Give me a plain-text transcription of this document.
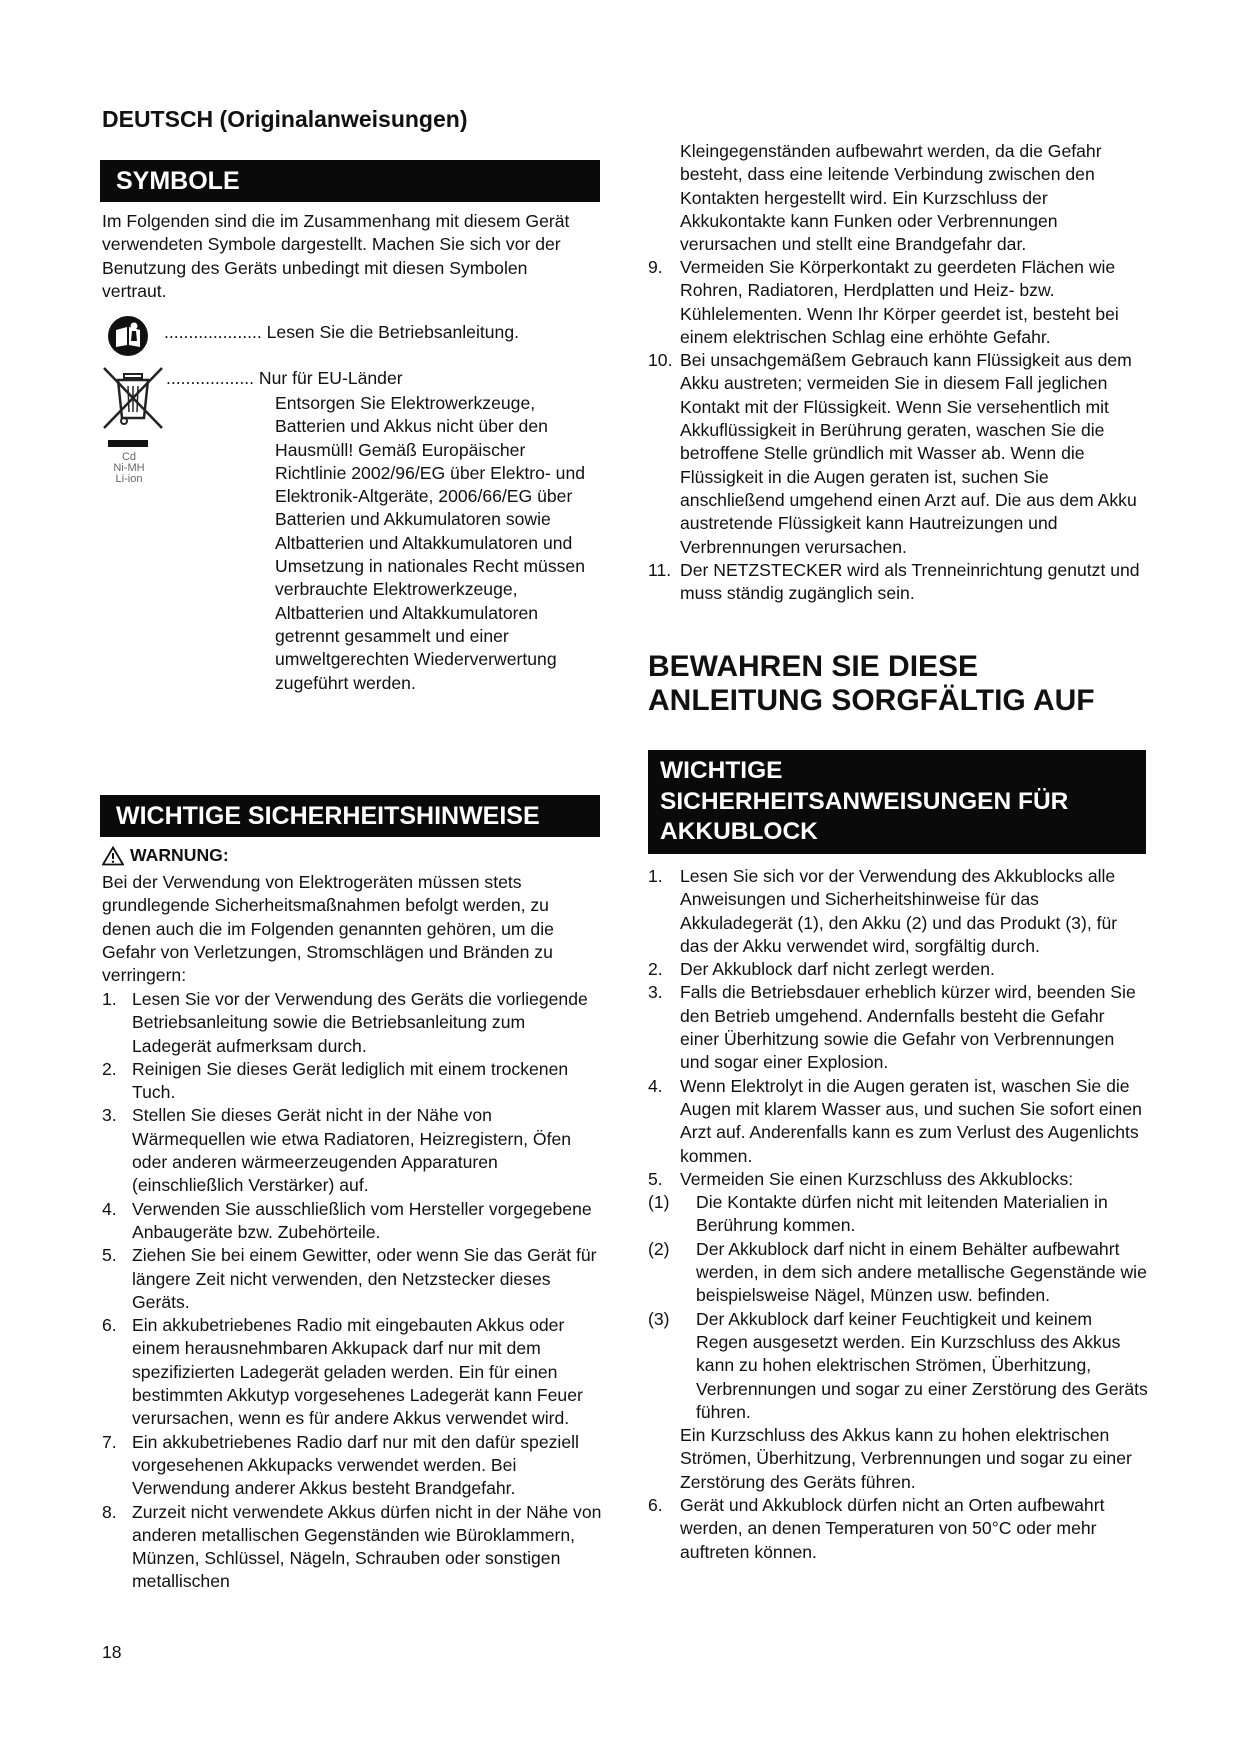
DEUTSCH (Originalanweisungen)
SYMBOLE
Im Folgenden sind die im Zusammenhang mit diesem Gerät verwendeten Symbole dargestellt. Machen Sie sich vor der Benutzung des Geräts unbedingt mit diesen Symbolen vertraut.
.................... Lesen Sie die Betriebsanleitung.
.................. Nur für EU-Länder
Entsorgen Sie Elektrowerkzeuge, Batterien und Akkus nicht über den Hausmüll! Gemäß Europäischer Richtlinie 2002/96/EG über Elektro- und Elektronik-Altgeräte, 2006/66/EG über Batterien und Akkumulatoren sowie Altbatterien und Altakkumulatoren und Umsetzung in nationales Recht müssen verbrauchte Elektrowerkzeuge, Altbatterien und Altakkumulatoren getrennt gesammelt und einer umweltgerechten Wiederverwertung zugeführt werden.
Cd
Ni-MH
Li-ion
WICHTIGE SICHERHEITSHINWEISE
WARNUNG:
Bei der Verwendung von Elektrogeräten müssen stets grundlegende Sicherheitsmaßnahmen befolgt werden, zu denen auch die im Folgenden genannten gehören, um die Gefahr von Verletzungen, Stromschlägen und Bränden zu verringern:
1. Lesen Sie vor der Verwendung des Geräts die vorliegende Betriebsanleitung sowie die Betriebsanleitung zum Ladegerät aufmerksam durch.
2. Reinigen Sie dieses Gerät lediglich mit einem trockenen Tuch.
3. Stellen Sie dieses Gerät nicht in der Nähe von Wärmequellen wie etwa Radiatoren, Heizregistern, Öfen oder anderen wärmeerzeugenden Apparaturen (einschließlich Verstärker) auf.
4. Verwenden Sie ausschließlich vom Hersteller vorgegebene Anbaugeräte bzw. Zubehörteile.
5. Ziehen Sie bei einem Gewitter, oder wenn Sie das Gerät für längere Zeit nicht verwenden, den Netzstecker dieses Geräts.
6. Ein akkubetriebenes Radio mit eingebauten Akkus oder einem herausnehmbaren Akkupack darf nur mit dem spezifizierten Ladegerät geladen werden. Ein für einen bestimmten Akkutyp vorgesehenes Ladegerät kann Feuer verursachen, wenn es für andere Akkus verwendet wird.
7. Ein akkubetriebenes Radio darf nur mit den dafür speziell vorgesehenen Akkupacks verwendet werden. Bei Verwendung anderer Akkus besteht Brandgefahr.
8. Zurzeit nicht verwendete Akkus dürfen nicht in der Nähe von anderen metallischen Gegenständen wie Büroklammern, Münzen, Schlüssel, Nägeln, Schrauben oder sonstigen metallischen
18
Kleingegenständen aufbewahrt werden, da die Gefahr besteht, dass eine leitende Verbindung zwischen den Kontakten hergestellt wird. Ein Kurzschluss der Akkukontakte kann Funken oder Verbrennungen verursachen und stellt eine Brandgefahr dar.
9. Vermeiden Sie Körperkontakt zu geerdeten Flächen wie Rohren, Radiatoren, Herdplatten und Heiz- bzw. Kühlelementen. Wenn Ihr Körper geerdet ist, besteht bei einem elektrischen Schlag eine erhöhte Gefahr.
10. Bei unsachgemäßem Gebrauch kann Flüssigkeit aus dem Akku austreten; vermeiden Sie in diesem Fall jeglichen Kontakt mit der Flüssigkeit. Wenn Sie versehentlich mit Akkuflüssigkeit in Berührung geraten, waschen Sie die betroffene Stelle gründlich mit Wasser ab. Wenn die Flüssigkeit in die Augen geraten ist, suchen Sie anschließend umgehend einen Arzt auf. Die aus dem Akku austretende Flüssigkeit kann Hautreizungen und Verbrennungen verursachen.
11. Der NETZSTECKER wird als Trenneinrichtung genutzt und muss ständig zugänglich sein.
BEWAHREN SIE DIESE
ANLEITUNG SORGFÄLTIG AUF
WICHTIGE
SICHERHEITSANWEISUNGEN FÜR
AKKUBLOCK
1. Lesen Sie sich vor der Verwendung des Akkublocks alle Anweisungen und Sicherheitshinweise für das Akkuladegerät (1), den Akku (2) und das Produkt (3), für das der Akku verwendet wird, sorgfältig durch.
2. Der Akkublock darf nicht zerlegt werden.
3. Falls die Betriebsdauer erheblich kürzer wird, beenden Sie den Betrieb umgehend. Andernfalls besteht die Gefahr einer Überhitzung sowie die Gefahr von Verbrennungen und sogar einer Explosion.
4. Wenn Elektrolyt in die Augen geraten ist, waschen Sie die Augen mit klarem Wasser aus, und suchen Sie sofort einen Arzt auf. Anderenfalls kann es zum Verlust des Augenlichts kommen.
5. Vermeiden Sie einen Kurzschluss des Akkublocks:
(1)	Die Kontakte dürfen nicht mit leitenden Materialien in Berührung kommen.
(2)	Der Akkublock darf nicht in einem Behälter aufbewahrt werden, in dem sich andere metallische Gegenstände wie beispielsweise Nägel, Münzen usw. befinden.
(3)	Der Akkublock darf keiner Feuchtigkeit und keinem Regen ausgesetzt werden. Ein Kurzschluss des Akkus kann zu hohen elektrischen Strömen, Überhitzung, Verbrennungen und sogar zu einer Zerstörung des Geräts führen.
Ein Kurzschluss des Akkus kann zu hohen elektrischen Strömen, Überhitzung, Verbrennungen und sogar zu einer Zerstörung des Geräts führen.
6. Gerät und Akkublock dürfen nicht an Orten aufbewahrt werden, an denen Temperaturen von 50°C oder mehr auftreten können.
